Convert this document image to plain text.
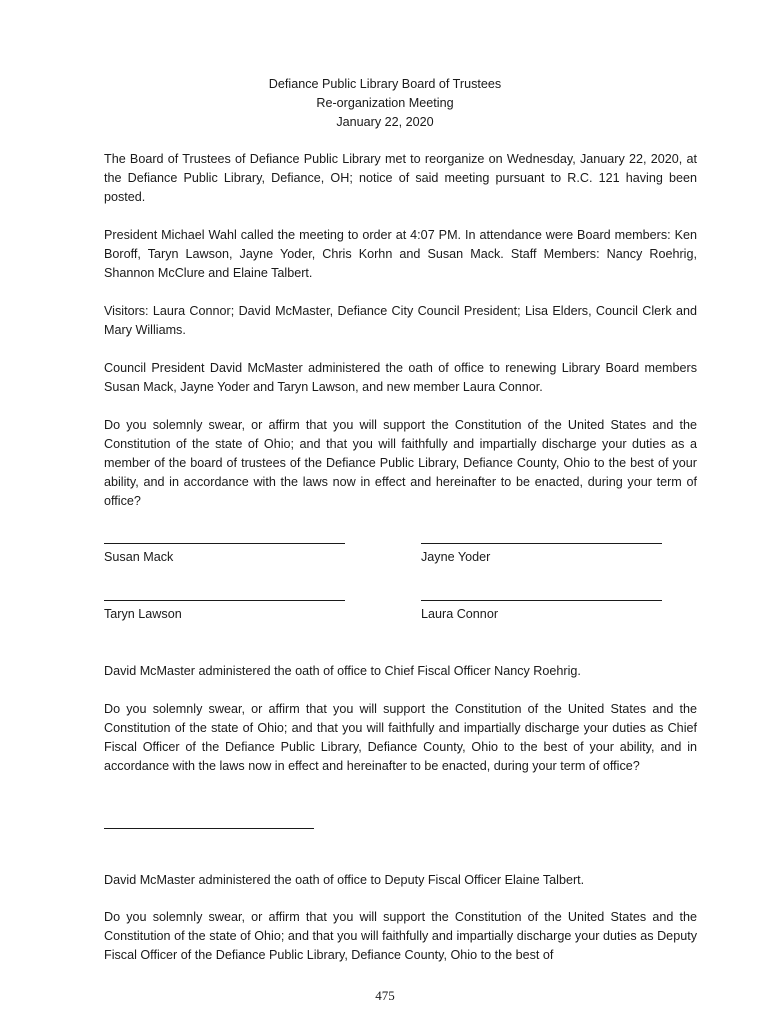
Defiance Public Library Board of Trustees
Re-organization Meeting
January 22, 2020

The Board of Trustees of Defiance Public Library met to reorganize on Wednesday, January 22, 2020, at the Defiance Public Library, Defiance, OH; notice of said meeting pursuant to R.C. 121 having been posted.

President Michael Wahl called the meeting to order at 4:07 PM. In attendance were Board members: Ken Boroff, Taryn Lawson, Jayne Yoder, Chris Korhn and Susan Mack. Staff Members: Nancy Roehrig, Shannon McClure and Elaine Talbert.

Visitors: Laura Connor; David McMaster, Defiance City Council President; Lisa Elders, Council Clerk and Mary Williams.

Council President David McMaster administered the oath of office to renewing Library Board members Susan Mack, Jayne Yoder and Taryn Lawson, and new member Laura Connor.

Do you solemnly swear, or affirm that you will support the Constitution of the United States and the Constitution of the state of Ohio; and that you will faithfully and impartially discharge your duties as a member of the board of trustees of the Defiance Public Library, Defiance County, Ohio to the best of your ability, and in accordance with the laws now in effect and hereinafter to be enacted, during your term of office?

Susan Mack	Jayne Yoder
Taryn Lawson	Laura Connor

David McMaster administered the oath of office to Chief Fiscal Officer Nancy Roehrig.

Do you solemnly swear, or affirm that you will support the Constitution of the United States and the Constitution of the state of Ohio; and that you will faithfully and impartially discharge your duties as Chief Fiscal Officer of the Defiance Public Library, Defiance County, Ohio to the best of your ability, and in accordance with the laws now in effect and hereinafter to be enacted, during your term of office?

David McMaster administered the oath of office to Deputy Fiscal Officer Elaine Talbert.

Do you solemnly swear, or affirm that you will support the Constitution of the United States and the Constitution of the state of Ohio; and that you will faithfully and impartially discharge your duties as Deputy Fiscal Officer of the Defiance Public Library, Defiance County, Ohio to the best of

475
